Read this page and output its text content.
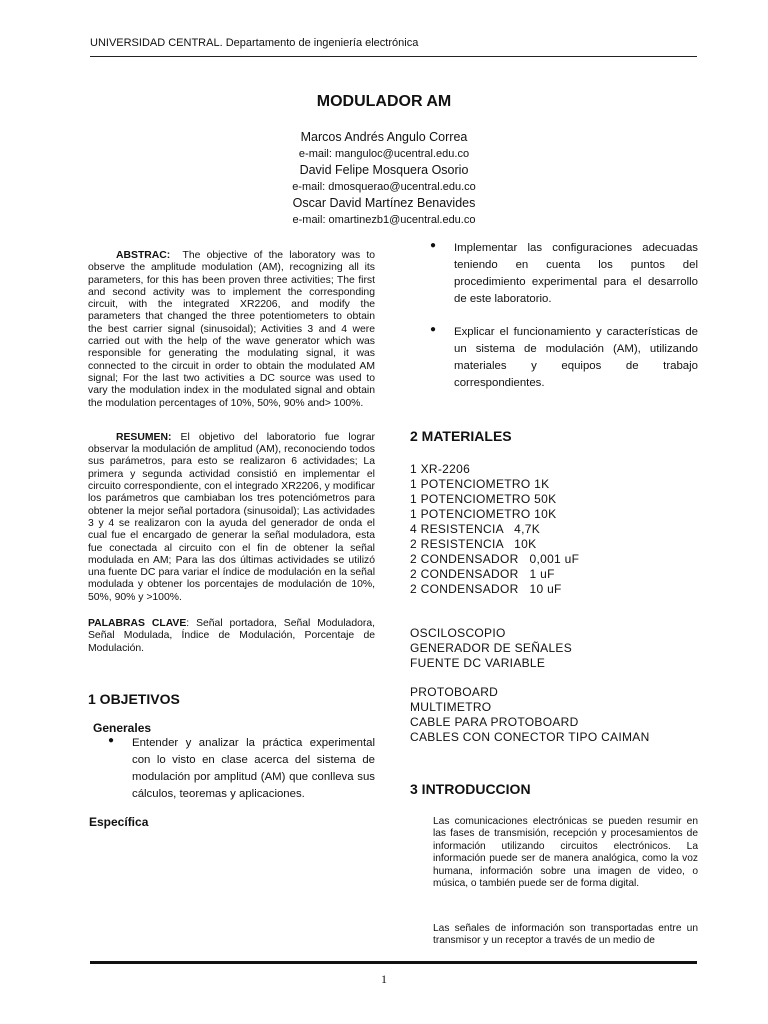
UNIVERSIDAD CENTRAL. Departamento de ingeniería electrónica
MODULADOR AM
Marcos Andrés Angulo Correa
e-mail: manguloc@ucentral.edu.co
David Felipe Mosquera Osorio
e-mail: dmosquerao@ucentral.edu.co
Oscar David Martínez Benavides
e-mail: omartinezb1@ucentral.edu.co

ABSTRAC: The objective of the laboratory was to observe the amplitude modulation (AM), recognizing all its parameters, for this has been proven three activities; The first and second activity was to implement the corresponding circuit, with the integrated XR2206, and modify the parameters that changed the three potentiometers to obtain the best carrier signal (sinusoidal); Activities 3 and 4 were carried out with the help of the wave generator which was responsible for generating the modulating signal, it was connected to the circuit in order to obtain the modulated AM signal; For the last two activities a DC source was used to vary the modulation index in the modulated signal and obtain the modulation percentages of 10%, 50%, 90% and> 100%.

RESUMEN: El objetivo del laboratorio fue lograr observar la modulación de amplitud (AM), reconociendo todos sus parámetros, para esto se realizaron 6 actividades; La primera y segunda actividad consistió en implementar el circuito correspondiente, con el integrado XR2206, y modificar los parámetros que cambiaban los tres potenciómetros para obtener la mejor señal portadora (sinusoidal); Las actividades 3 y 4 se realizaron con la ayuda del generador de onda el cual fue el encargado de generar la señal moduladora, esta fue conectada al circuito con el fin de obtener la señal modulada en AM; Para las dos últimas actividades se utilizó una fuente DC para variar el índice de modulación en la señal modulada y obtener los porcentajes de modulación de 10%, 50%, 90% y >100%.

PALABRAS CLAVE: Señal portadora, Señal Moduladora, Señal Modulada, Índice de Modulación, Porcentaje de Modulación.

1 OBJETIVOS
Generales
●	Entender y analizar la práctica experimental con lo visto en clase acerca del sistema de modulación por amplitud (AM) que conlleva sus cálculos, teoremas y aplicaciones.
Específica
●	Implementar las configuraciones adecuadas teniendo en cuenta los puntos del procedimiento experimental para el desarrollo de este laboratorio.
●	Explicar el funcionamiento y características de un sistema de modulación (AM), utilizando materiales y equipos de trabajo correspondientes.
2 MATERIALES
1 XR-2206
1 POTENCIOMETRO 1K
1 POTENCIOMETRO 50K
1 POTENCIOMETRO 10K
4 RESISTENCIA   4,7K
2 RESISTENCIA   10K
2 CONDENSADOR   0,001 uF
2 CONDENSADOR   1 uF
2 CONDENSADOR   10 uF
OSCILOSCOPIO
GENERADOR DE SEÑALES
FUENTE DC VARIABLE
PROTOBOARD
MULTIMETRO
CABLE PARA PROTOBOARD
CABLES CON CONECTOR TIPO CAIMAN
3 INTRODUCCION
Las comunicaciones electrónicas se pueden resumir en las fases de transmisión, recepción y procesamientos de información utilizando circuitos electrónicos. La información puede ser de manera analógica, como la voz humana, información sobre una imagen de video, o música, o también puede ser de forma digital.
Las señales de información son transportadas entre un transmisor y un receptor a través de un medio de
1
